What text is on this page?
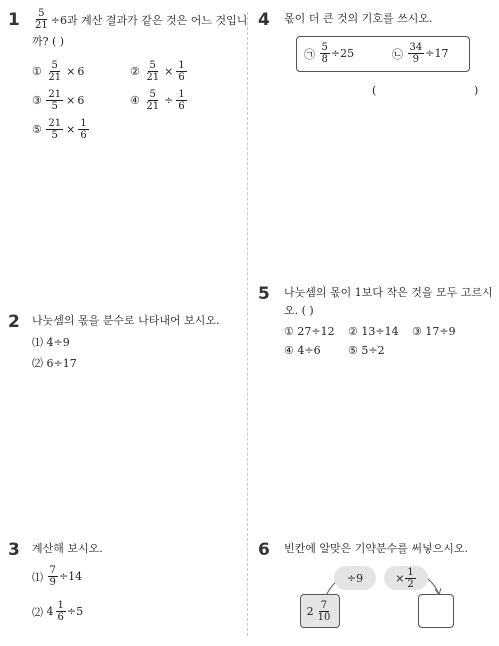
$1 \frac{5}{21} \div 6$과 계산 결과가 같은 것은 어느 것입니
까? ( )
①
$\frac{5}{21} \times 6$	②
$\frac{5}{21} \times \frac{1}{6}$
③
$\frac{21}{5} \times 6$	④
$\frac{5}{21} \div \frac{1}{6}$
⑤
$\frac{21}{5} \times \frac{1}{6}$
2 나눗셈의 몫을 분수로 나타내어 보시오.
⑴ 4÷9
⑵ 6÷17
3 계산해 보시오.
⑴
$\frac{7}{9} \div 14$
⑵
$4 \frac{1}{6} \div 5$
4 몫이 더 큰 것의 기호를 쓰시오.
㉠
$\frac{5}{8} \div 25$	㉡
$\frac{34}{9} \div 17$
(	)
5 나눗셈의 몫이 1보다 작은 것을 모두 고르시
오. ( )
① 27÷12 ② 13÷14 ③ 17÷9
④ 4÷6 ⑤ 5÷2
6 빈칸에 알맞은 기약분수를 써넣으시오.
÷9	× $\frac{1}{2}$
$2 \frac{7}{10}$
